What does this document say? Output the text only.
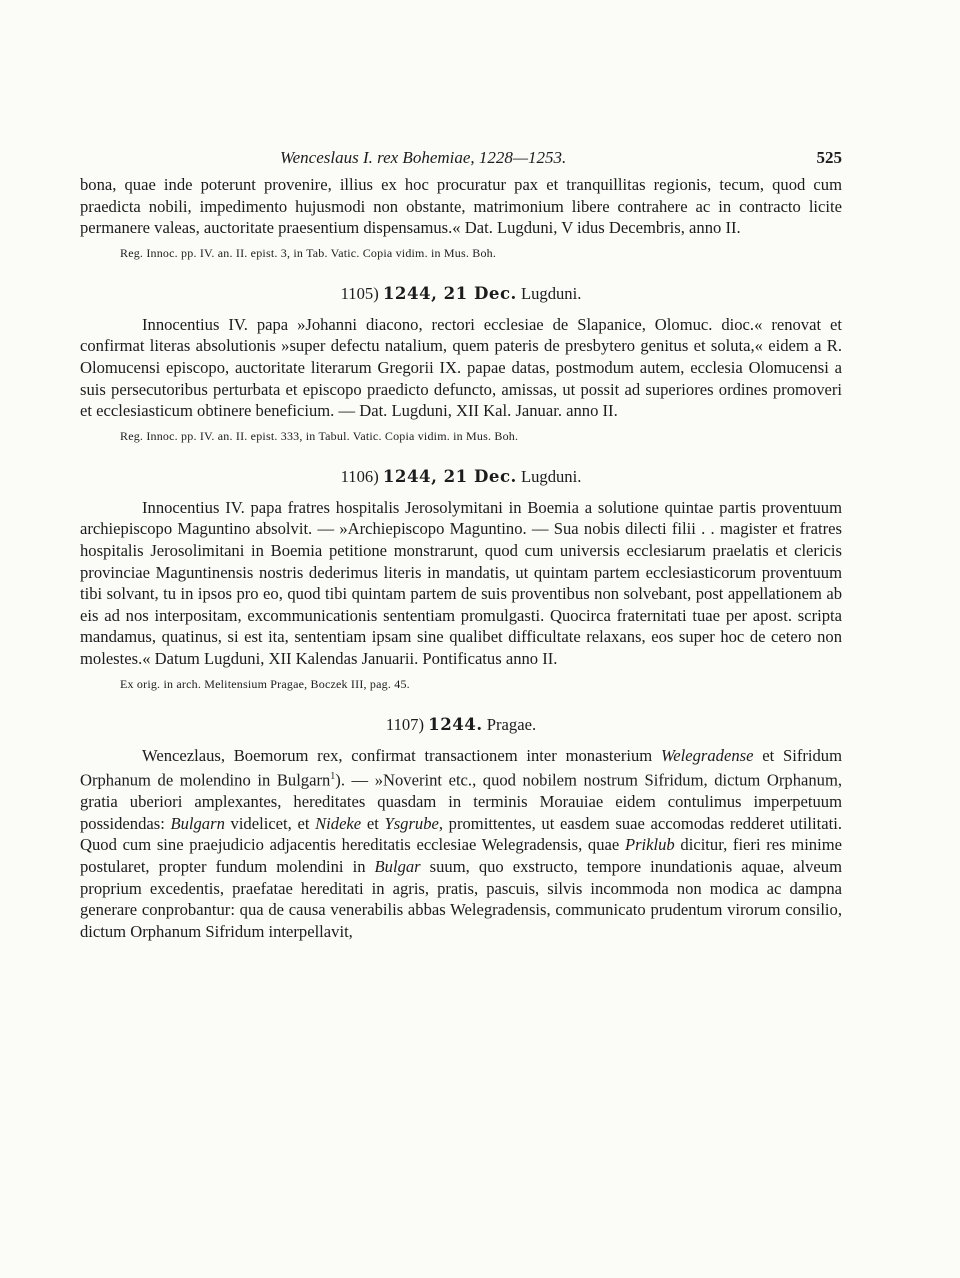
Wenceslaus I. rex Bohemiae, 1228—1253.	525

bona, quae inde poterunt provenire, illius ex hoc procuratur pax et tranquillitas regionis, tecum, quod cum praedicta nobili, impedimento hujusmodi non obstante, matrimonium libere contrahere ac in contracto licite permanere valeas, auctoritate praesentium dispensamus.« Dat. Lugduni, V idus Decembris, anno II.

Reg. Innoc. pp. IV. an. II. epist. 3, in Tab. Vatic. Copia vidim. in Mus. Boh.

1105) 1244, 21 Dec. Lugduni.

Innocentius IV. papa »Johanni diacono, rectori ecclesiae de Slapanice, Olomuc. dioc.« renovat et confirmat literas absolutionis »super defectu natalium, quem pateris de presbytero genitus et soluta,« eidem a R. Olomucensi episcopo, auctoritate literarum Gregorii IX. papae datas, postmodum autem, ecclesia Olomucensi a suis persecutoribus perturbata et episcopo praedicto defuncto, amissas, ut possit ad superiores ordines promoveri et ecclesiasticum obtinere beneficium. — Dat. Lugduni, XII Kal. Januar. anno II.

Reg. Innoc. pp. IV. an. II. epist. 333, in Tabul. Vatic. Copia vidim. in Mus. Boh.

1106) 1244, 21 Dec. Lugduni.

Innocentius IV. papa fratres hospitalis Jerosolymitani in Boemia a solutione quintae partis proventuum archiepiscopo Maguntino absolvit. — »Archiepiscopo Maguntino. — Sua nobis dilecti filii . . magister et fratres hospitalis Jerosolimitani in Boemia petitione monstrarunt, quod cum universis ecclesiarum praelatis et clericis provinciae Maguntinensis nostris dederimus literis in mandatis, ut quintam partem ecclesiasticorum proventuum tibi solvant, tu in ipsos pro eo, quod tibi quintam partem de suis proventibus non solvebant, post appellationem ab eis ad nos interpositam, excommunicationis sententiam promulgasti. Quocirca fraternitati tuae per apost. scripta mandamus, quatinus, si est ita, sententiam ipsam sine qualibet difficultate relaxans, eos super hoc de cetero non molestes.« Datum Lugduni, XII Kalendas Januarii. Pontificatus anno II.

Ex orig. in arch. Melitensium Pragae, Boczek III, pag. 45.

1107) 1244. Pragae.

Wencezlaus, Boemorum rex, confirmat transactionem inter monasterium Welegradense et Sifridum Orphanum de molendino in Bulgarn$^1$). — »Noverint etc., quod nobilem nostrum Sifridum, dictum Orphanum, gratia uberiori amplexantes, hereditates quasdam in terminis Morauiae eidem contulimus imperpetuum possidendas: Bulgarn videlicet, et Nideke et Ysgrube, promittentes, ut easdem suae accomodas redderet utilitati. Quod cum sine praejudicio adjacentis hereditatis ecclesiae Welegradensis, quae Priklub dicitur, fieri res minime postularet, propter fundum molendini in Bulgar suum, quo exstructo, tempore inundationis aquae, alveum proprium excedentis, praefatae hereditati in agris, pratis, pascuis, silvis incommoda non modica ac dampna generare conprobantur: qua de causa venerabilis abbas Welegradensis, communicato prudentum virorum consilio, dictum Orphanum Sifridum interpellavit,
